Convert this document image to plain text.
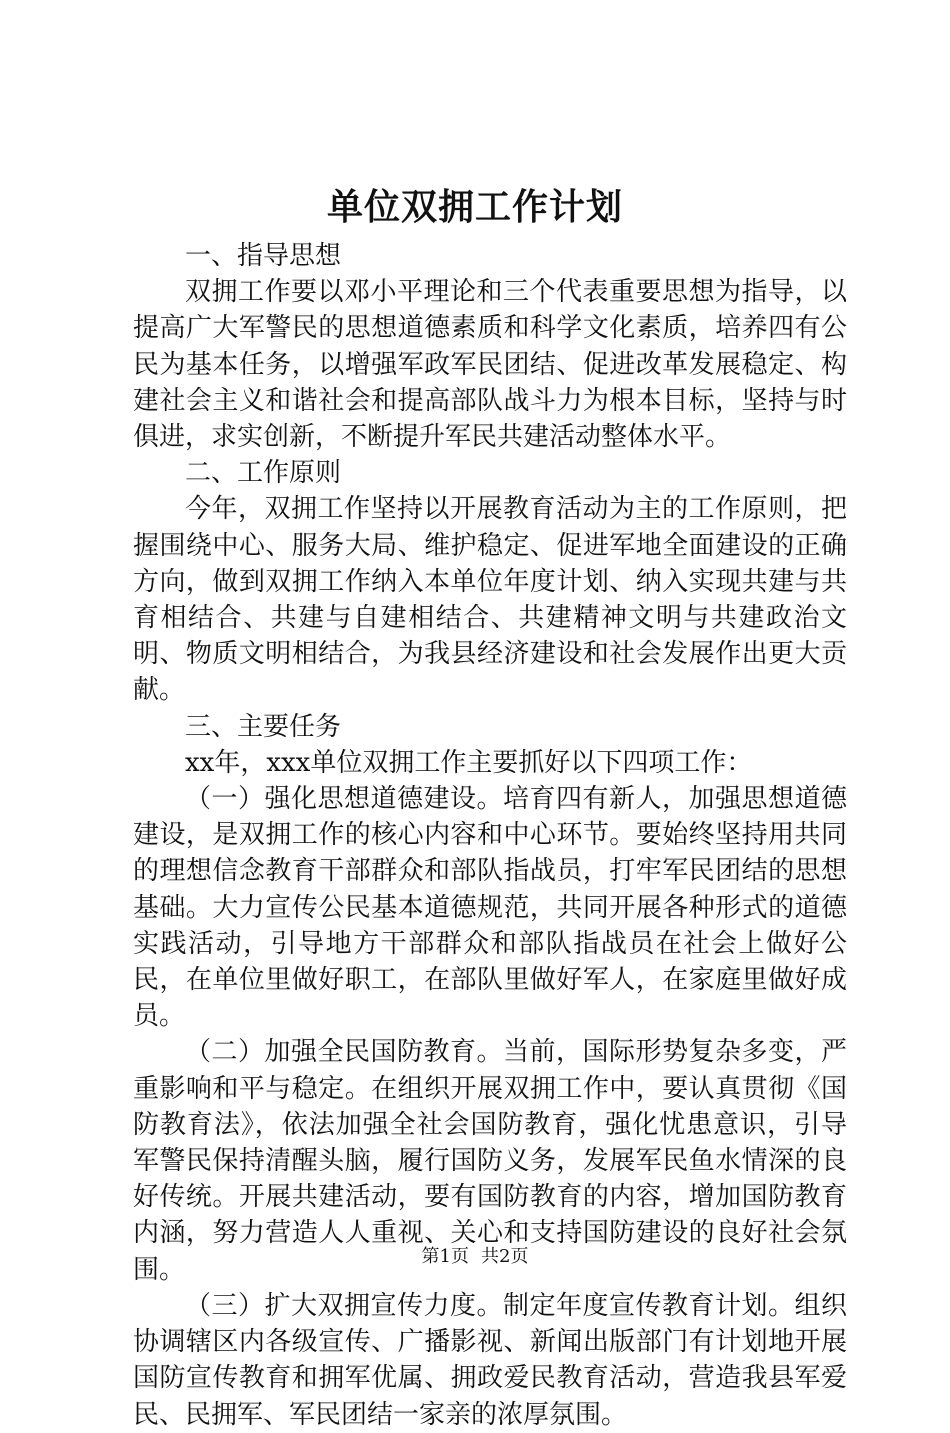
单位双拥工作计划

一、指导思想

双拥工作要以邓小平理论和三个代表重要思想为指导，以提高广大军警民的思想道德素质和科学文化素质，培养四有公民为基本任务，以增强军政军民团结、促进改革发展稳定、构建社会主义和谐社会和提高部队战斗力为根本目标，坚持与时俱进，求实创新，不断提升军民共建活动整体水平。

二、工作原则

今年，双拥工作坚持以开展教育活动为主的工作原则，把握围绕中心、服务大局、维护稳定、促进军地全面建设的正确方向，做到双拥工作纳入本单位年度计划、纳入实现共建与共育相结合、共建与自建相结合、共建精神文明与共建政治文明、物质文明相结合，为我县经济建设和社会发展作出更大贡献。

三、主要任务

xx年，xxx单位双拥工作主要抓好以下四项工作：

（一）强化思想道德建设。培育四有新人，加强思想道德建设，是双拥工作的核心内容和中心环节。要始终坚持用共同的理想信念教育干部群众和部队指战员，打牢军民团结的思想基础。大力宣传公民基本道德规范，共同开展各种形式的道德实践活动，引导地方干部群众和部队指战员在社会上做好公民，在单位里做好职工，在部队里做好军人，在家庭里做好成员。

（二）加强全民国防教育。当前，国际形势复杂多变，严重影响和平与稳定。在组织开展双拥工作中，要认真贯彻《国防教育法》，依法加强全社会国防教育，强化忧患意识，引导军警民保持清醒头脑，履行国防义务，发展军民鱼水情深的良好传统。开展共建活动，要有国防教育的内容，增加国防教育内涵，努力营造人人重视、关心和支持国防建设的良好社会氛围。

（三）扩大双拥宣传力度。制定年度宣传教育计划。组织协调辖区内各级宣传、广播影视、新闻出版部门有计划地开展国防宣传教育和拥军优属、拥政爱民教育活动，营造我县军爱民、民拥军、军民团结一家亲的浓厚氛围。

第1页 共2页
